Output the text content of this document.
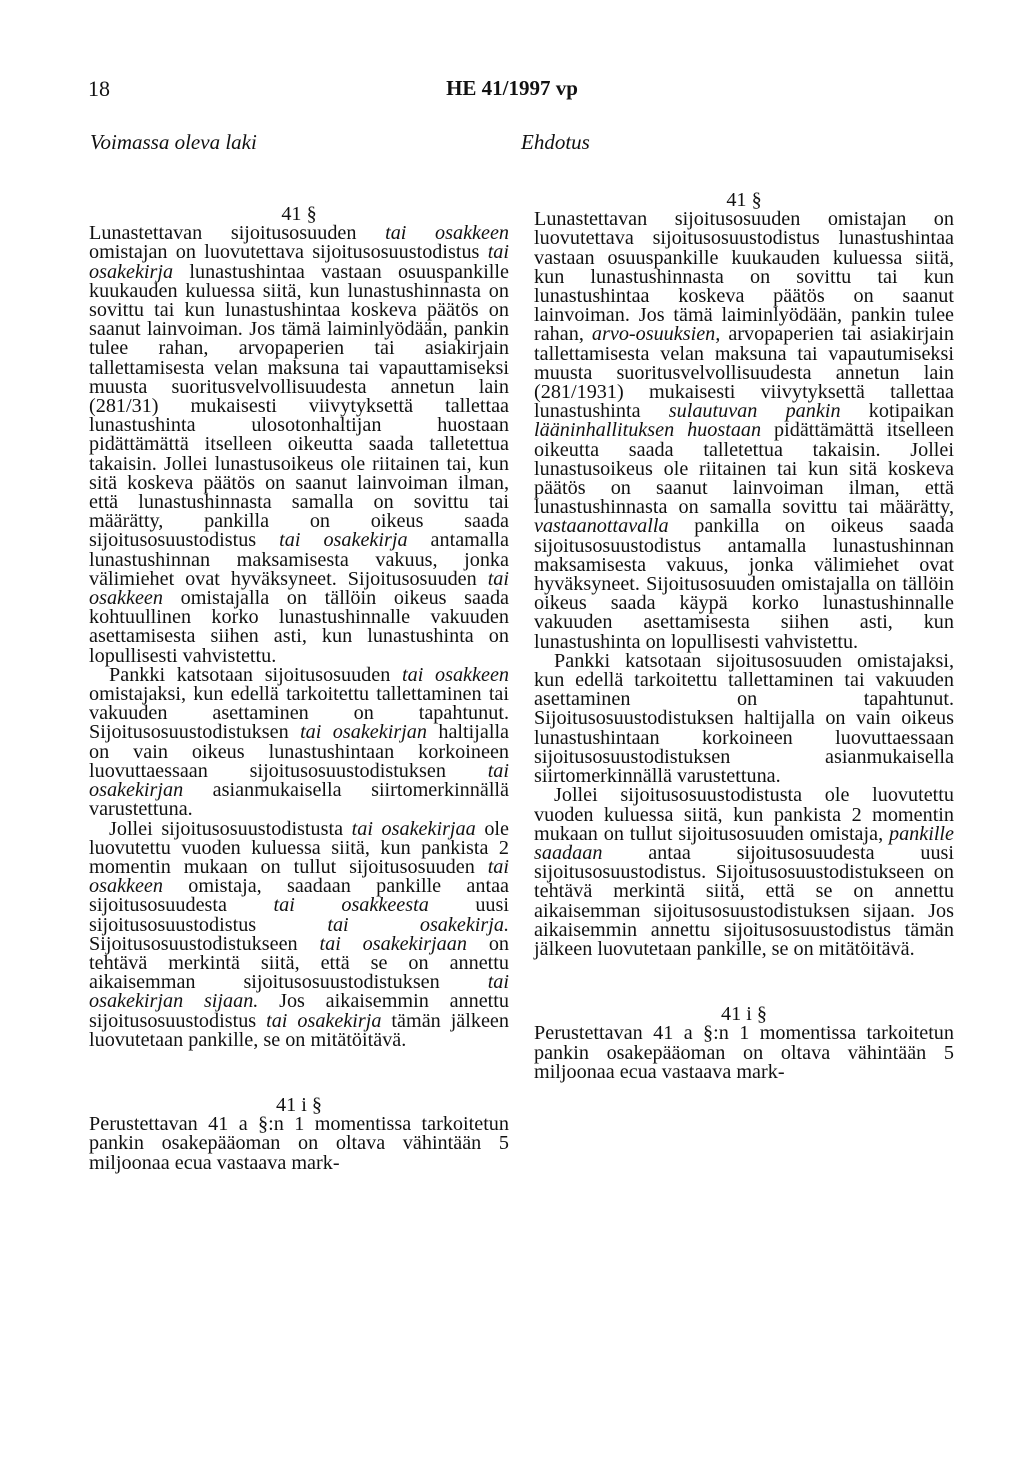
18	HE 41/1997 vp
Voimassa oleva laki	Ehdotus
41 §

Lunastettavan sijoitusosuuden tai osakkeen omistajan on luovutettava sijoitusosuustodistus tai osakekirja lunastushintaa vastaan osuuspankille kuukauden kuluessa siitä, kun lunastushinnasta on sovittu tai kun lunastushintaa koskeva päätös on saanut lainvoiman. Jos tämä laiminlyödään, pankin tulee rahan, arvopaperien tai asiakirjain tallettamisesta velan maksuna tai vapauttamiseksi muusta suoritusvelvollisuudesta annetun lain (281/31) mukaisesti viivytyksettä tallettaa lunastushinta ulosotonhaltijan huostaan pidättämättä itselleen oikeutta saada talletettua takaisin. Jollei lunastusoikeus ole riitainen tai, kun sitä koskeva päätös on saanut lainvoiman ilman, että lunastushinnasta samalla on sovittu tai määrätty, pankilla on oikeus saada sijoitusosuustodistus tai osakekirja antamalla lunastushinnan maksamisesta vakuus, jonka välimiehet ovat hyväksyneet. Sijoitusosuuden tai osakkeen omistajalla on tällöin oikeus saada kohtuullinen korko lunastushinnalle vakuuden asettamisesta siihen asti, kun lunastushinta on lopullisesti vahvistettu.

Pankki katsotaan sijoitusosuuden tai osakkeen omistajaksi, kun edellä tarkoitettu tallettaminen tai vakuuden asettaminen on tapahtunut. Sijoitusosuustodistuksen tai osakekirjan haltijalla on vain oikeus lunastushintaan korkoineen luovuttaessaan sijoitusosuustodistuksen tai osakekirjan asianmukaisella siirtomerkinnällä varustettuna.

Jollei sijoitusosuustodistusta tai osakekirjaa ole luovutettu vuoden kuluessa siitä, kun pankista 2 momentin mukaan on tullut sijoitusosuuden tai osakkeen omistaja, saadaan pankille antaa sijoitusosuudesta tai osakkeesta uusi sijoitusosuustodistus tai osakekirja. Sijoitusosuustodistukseen tai osakekirjaan on tehtävä merkintä siitä, että se on annettu aikaisemman sijoitusosuustodistuksen tai osakekirjan sijaan. Jos aikaisemmin annettu sijoitusosuustodistus tai osakekirja tämän jälkeen luovutetaan pankille, se on mitätöitävä.

41 i §

Perustettavan 41 a §:n 1 momentissa tarkoitetun pankin osakepääoman on oltava vähintään 5 miljoonaa ecua vastaava mark-

41 §

Lunastettavan sijoitusosuuden omistajan on luovutettava sijoitusosuustodistus lunastushintaa vastaan osuuspankille kuukauden kuluessa siitä, kun lunastushinnasta on sovittu tai kun lunastushintaa koskeva päätös on saanut lainvoiman. Jos tämä laiminlyödään, pankin tulee rahan, arvo-osuuksien, arvopaperien tai asiakirjain tallettamisesta velan maksuna tai vapautumiseksi muusta suoritusvelvollisuudesta annetun lain (281/1931) mukaisesti viivytyksettä tallettaa lunastushinta sulautuvan pankin kotipaikan lääninhallituksen huostaan pidättämättä itselleen oikeutta saada talletettua takaisin. Jollei lunastusoikeus ole riitainen tai kun sitä koskeva päätös on saanut lainvoiman ilman, että lunastushinnasta on samalla sovittu tai määrätty, vastaanottavalla pankilla on oikeus saada sijoitusosuustodistus antamalla lunastushinnan maksamisesta vakuus, jonka välimiehet ovat hyväksyneet. Sijoitusosuuden omistajalla on tällöin oikeus saada käypä korko lunastushinnalle vakuuden asettamisesta siihen asti, kun lunastushinta on lopullisesti vahvistettu.

Pankki katsotaan sijoitusosuuden omistajaksi, kun edellä tarkoitettu tallettaminen tai vakuuden asettaminen on tapahtunut. Sijoitusosuustodistuksen haltijalla on vain oikeus lunastushintaan korkoineen luovuttaessaan sijoitusosuustodistuksen asianmukaisella siirtomerkinnällä varustettuna.

Jollei sijoitusosuustodistusta ole luovutettu vuoden kuluessa siitä, kun pankista 2 momentin mukaan on tullut sijoitusosuuden omistaja, pankille saadaan antaa sijoitusosuudesta uusi sijoitusosuustodistus. Sijoitusosuustodistukseen on tehtävä merkintä siitä, että se on annettu aikaisemman sijoitusosuustodistuksen sijaan. Jos aikaisemmin annettu sijoitusosuustodistus tämän jälkeen luovutetaan pankille, se on mitätöitävä.

41 i §

Perustettavan 41 a §:n 1 momentissa tarkoitetun pankin osakepääoman on oltava vähintään 5 miljoonaa ecua vastaava mark-
